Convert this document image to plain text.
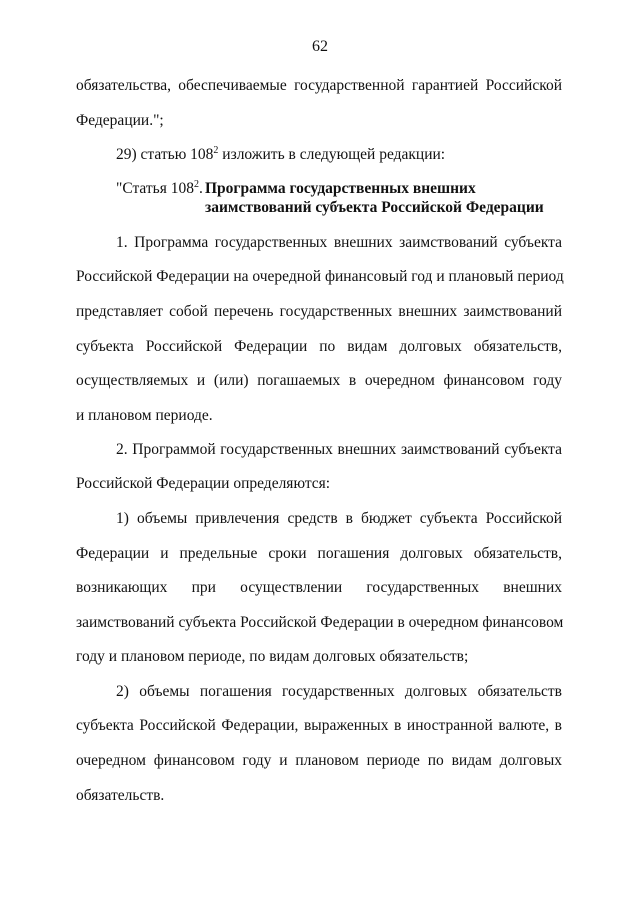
62
обязательства, обеспечиваемые государственной гарантией Российской
Федерации.";
29) статью $108^2$ изложить в следующей редакции:
"Статья $108^2$. Программа государственных внешних
заимствований субъекта Российской Федерации
1. Программа государственных внешних заимствований субъекта
Российской Федерации на очередной финансовый год и плановый период
представляет собой перечень государственных внешних заимствований
субъекта Российской Федерации по видам долговых обязательств,
осуществляемых и (или) погашаемых в очередном финансовом году
и плановом периоде.
2. Программой государственных внешних заимствований субъекта
Российской Федерации определяются:
1) объемы привлечения средств в бюджет субъекта Российской
Федерации и предельные сроки погашения долговых обязательств,
возникающих при осуществлении государственных внешних
заимствований субъекта Российской Федерации в очередном финансовом
году и плановом периоде, по видам долговых обязательств;
2) объемы погашения государственных долговых обязательств
субъекта Российской Федерации, выраженных в иностранной валюте, в
очередном финансовом году и плановом периоде по видам долговых
обязательств.
